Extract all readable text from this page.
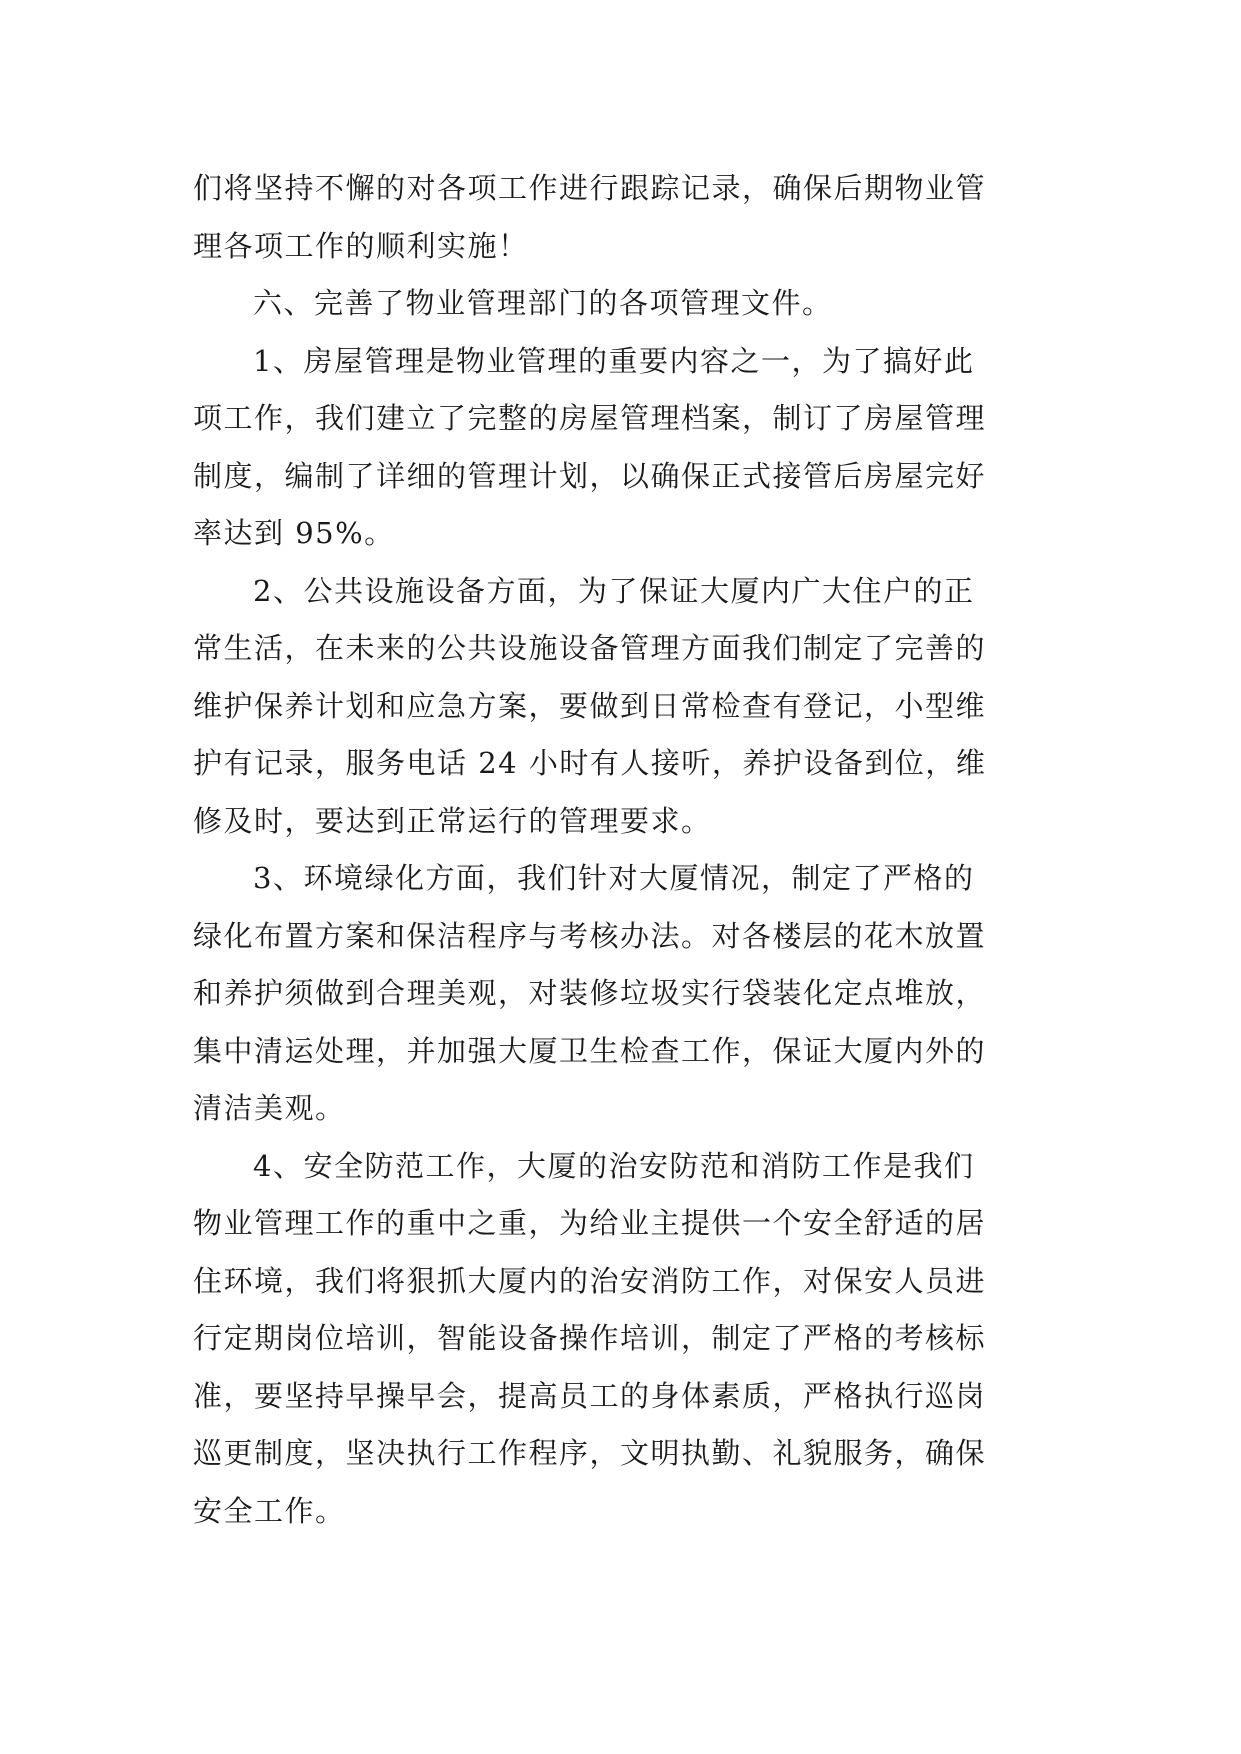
们将坚持不懈的对各项工作进行跟踪记录，确保后期物业管
理各项工作的顺利实施！
六、完善了物业管理部门的各项管理文件。
1、房屋管理是物业管理的重要内容之一，为了搞好此
项工作，我们建立了完整的房屋管理档案，制订了房屋管理
制度，编制了详细的管理计划，以确保正式接管后房屋完好
率达到 95%。
2、公共设施设备方面，为了保证大厦内广大住户的正
常生活，在未来的公共设施设备管理方面我们制定了完善的
维护保养计划和应急方案，要做到日常检查有登记，小型维
护有记录，服务电话 24 小时有人接听，养护设备到位，维
修及时，要达到正常运行的管理要求。
3、环境绿化方面，我们针对大厦情况，制定了严格的
绿化布置方案和保洁程序与考核办法。对各楼层的花木放置
和养护须做到合理美观，对装修垃圾实行袋装化定点堆放，
集中清运处理，并加强大厦卫生检查工作，保证大厦内外的
清洁美观。
4、安全防范工作，大厦的治安防范和消防工作是我们
物业管理工作的重中之重，为给业主提供一个安全舒适的居
住环境，我们将狠抓大厦内的治安消防工作，对保安人员进
行定期岗位培训，智能设备操作培训，制定了严格的考核标
准，要坚持早操早会，提高员工的身体素质，严格执行巡岗
巡更制度，坚决执行工作程序，文明执勤、礼貌服务，确保
安全工作。
